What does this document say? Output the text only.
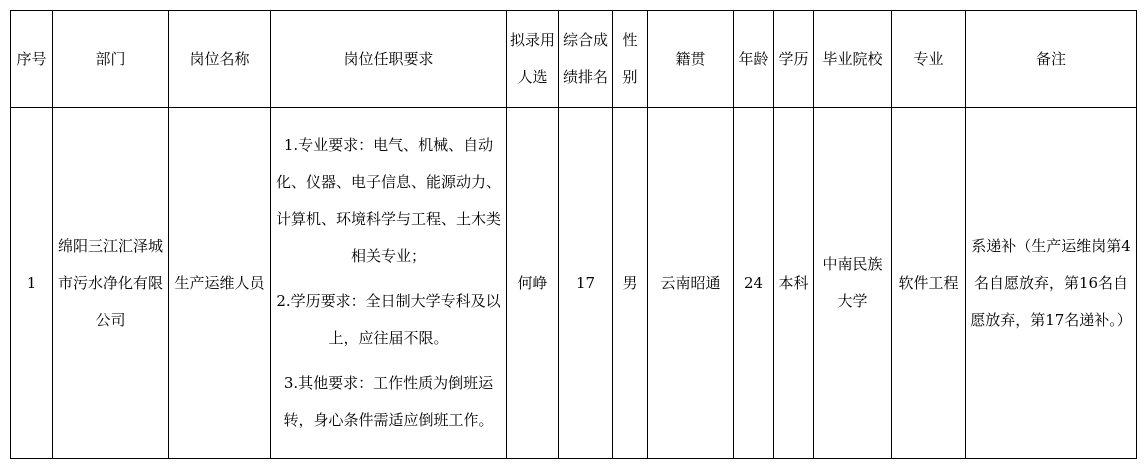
序号	部门	岗位名称	岗位任职要求	拟录用人选	综合成绩排名	性别	籍贯	年龄	学历	毕业院校	专业	备注
1	绵阳三江汇泽城市污水净化有限公司	生产运维人员	1.专业要求：电气、机械、自动化、仪器、电子信息、能源动力、计算机、环境科学与工程、土木类相关专业；

2.学历要求：全日制大学专科及以上，应往届不限。

3.其他要求：工作性质为倒班运转，身心条件需适应倒班工作。	何峥	17	男	云南昭通	24	本科	中南民族大学	软件工程	系递补（生产运维岗第4名自愿放弃，第16名自愿放弃，第17名递补。）
